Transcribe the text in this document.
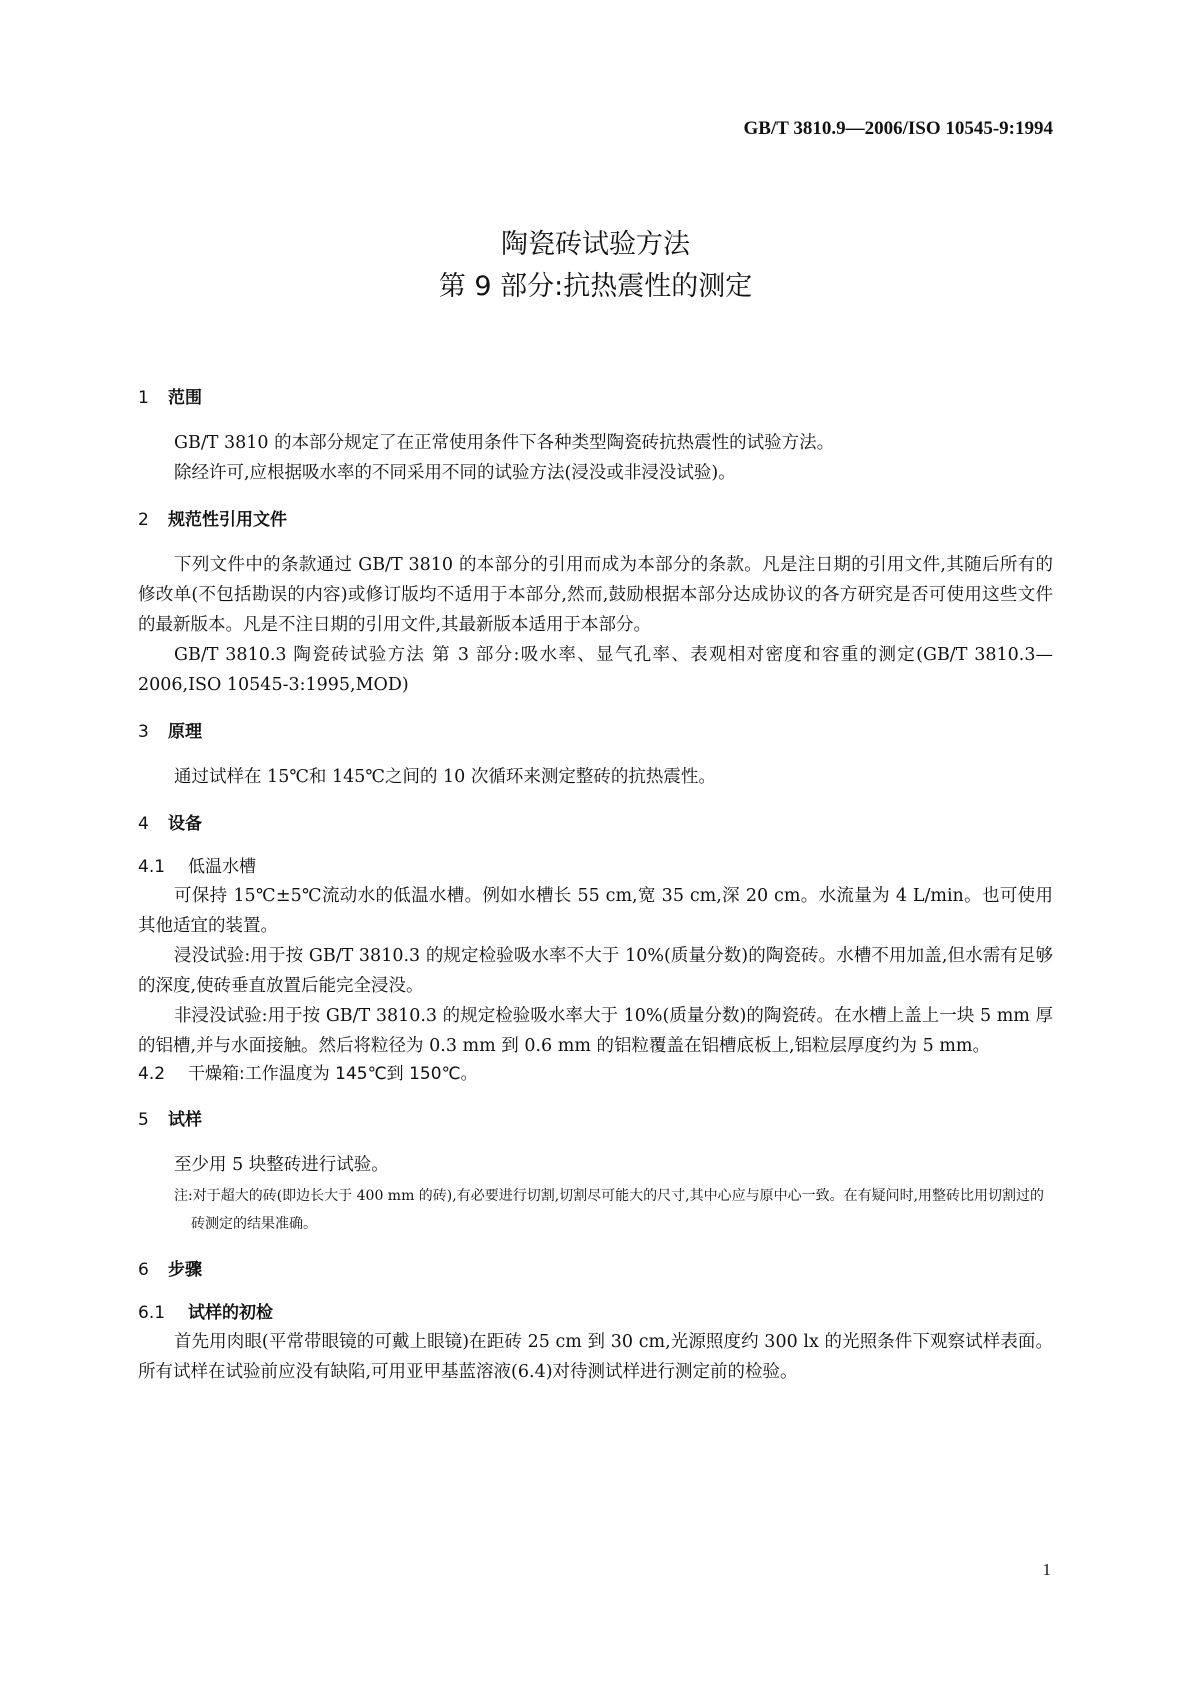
GB/T 3810.9—2006/ISO 10545-9:1994

陶瓷砖试验方法

第 9 部分:抗热震性的测定

1 范围

GB/T 3810 的本部分规定了在正常使用条件下各种类型陶瓷砖抗热震性的试验方法。

除经许可,应根据吸水率的不同采用不同的试验方法(浸没或非浸没试验)。

2 规范性引用文件

下列文件中的条款通过 GB/T 3810 的本部分的引用而成为本部分的条款。凡是注日期的引用文件,其随后所有的修改单(不包括勘误的内容)或修订版均不适用于本部分,然而,鼓励根据本部分达成协议的各方研究是否可使用这些文件的最新版本。凡是不注日期的引用文件,其最新版本适用于本部分。

GB/T 3810.3 陶瓷砖试验方法 第 3 部分:吸水率、显气孔率、表观相对密度和容重的测定(GB/T 3810.3—2006,ISO 10545-3:1995,MOD)

3 原理

通过试样在 15℃和 145℃之间的 10 次循环来测定整砖的抗热震性。

4 设备
4.1 低温水槽

可保持 15℃±5℃流动水的低温水槽。例如水槽长 55 cm,宽 35 cm,深 20 cm。水流量为 4 L/min。也可使用其他适宜的装置。

浸没试验:用于按 GB/T 3810.3 的规定检验吸水率不大于 10%(质量分数)的陶瓷砖。水槽不用加盖,但水需有足够的深度,使砖垂直放置后能完全浸没。

非浸没试验:用于按 GB/T 3810.3 的规定检验吸水率大于 10%(质量分数)的陶瓷砖。在水槽上盖上一块 5 mm 厚的铝槽,并与水面接触。然后将粒径为 0.3 mm 到 0.6 mm 的铝粒覆盖在铝槽底板上,铝粒层厚度约为 5 mm。

4.2 干燥箱:工作温度为 145℃到 150℃。
5 试样

至少用 5 块整砖进行试验。

注:对于超大的砖(即边长大于 400 mm 的砖),有必要进行切割,切割尽可能大的尺寸,其中心应与原中心一致。在有疑问时,用整砖比用切割过的砖测定的结果准确。

6 步骤
6.1 试样的初检

首先用肉眼(平常带眼镜的可戴上眼镜)在距砖 25 cm 到 30 cm,光源照度约 300 lx 的光照条件下观察试样表面。所有试样在试验前应没有缺陷,可用亚甲基蓝溶液(6.4)对待测试样进行测定前的检验。

1
